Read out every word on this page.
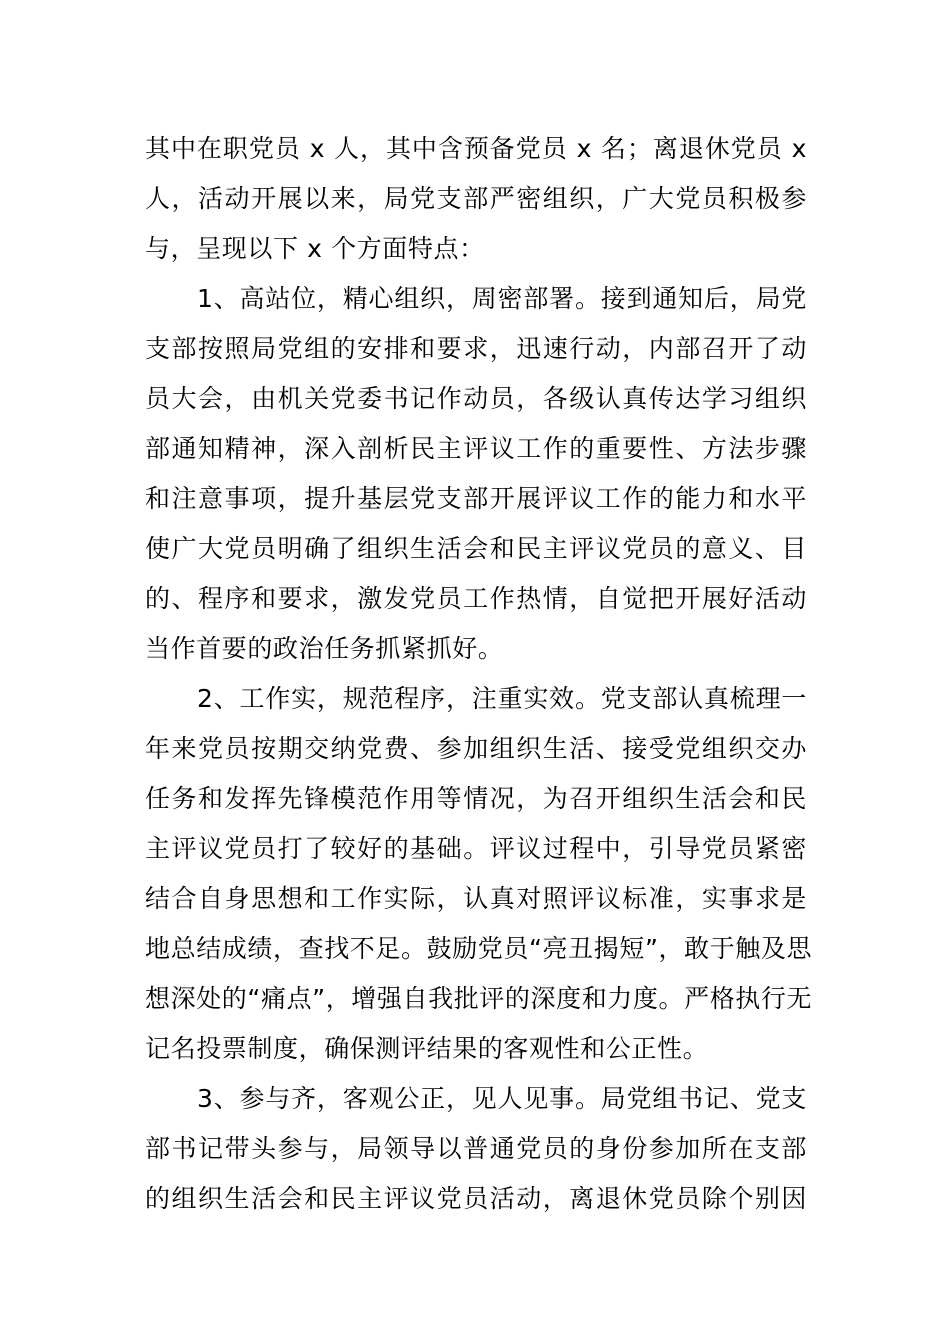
其中在职党员 x 人，其中含预备党员 x 名；离退休党员 x
人，活动开展以来，局党支部严密组织，广大党员积极参
与，呈现以下 x 个方面特点：
1、高站位，精心组织，周密部署。接到通知后，局党
支部按照局党组的安排和要求，迅速行动，内部召开了动
员大会，由机关党委书记作动员，各级认真传达学习组织
部通知精神，深入剖析民主评议工作的重要性、方法步骤
和注意事项，提升基层党支部开展评议工作的能力和水平
使广大党员明确了组织生活会和民主评议党员的意义、目
的、程序和要求，激发党员工作热情，自觉把开展好活动
当作首要的政治任务抓紧抓好。
2、工作实，规范程序，注重实效。党支部认真梳理一
年来党员按期交纳党费、参加组织生活、接受党组织交办
任务和发挥先锋模范作用等情况，为召开组织生活会和民
主评议党员打了较好的基础。评议过程中，引导党员紧密
结合自身思想和工作实际，认真对照评议标准，实事求是
地总结成绩，查找不足。鼓励党员“亮丑揭短”，敢于触及思
想深处的“痛点”，增强自我批评的深度和力度。严格执行无
记名投票制度，确保测评结果的客观性和公正性。
3、参与齐，客观公正，见人见事。局党组书记、党支
部书记带头参与，局领导以普通党员的身份参加所在支部
的组织生活会和民主评议党员活动，离退休党员除个别因
